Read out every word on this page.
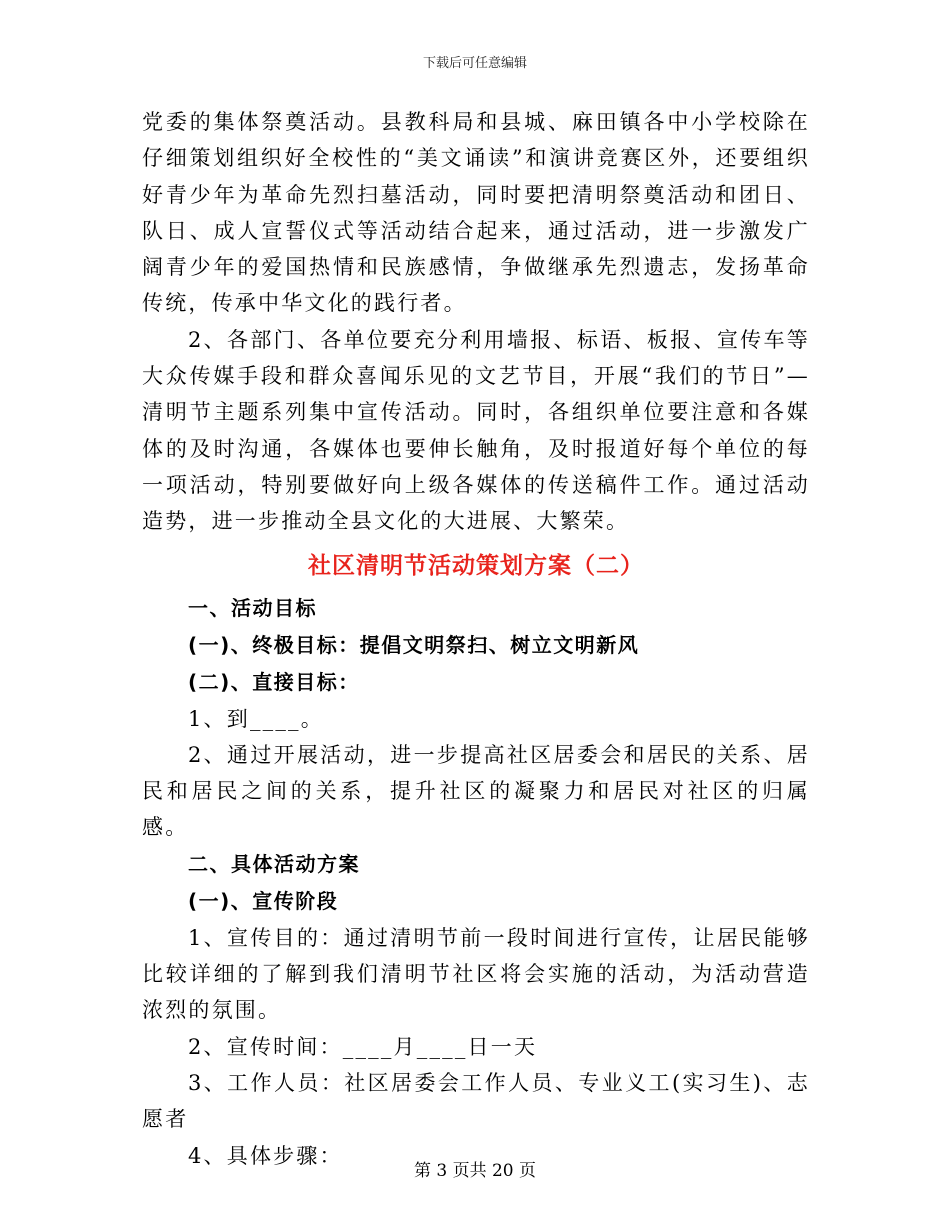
下载后可任意编辑

党委的集体祭奠活动。县教科局和县城、麻田镇各中小学校除在仔细策划组织好全校性的“美文诵读”和演讲竞赛区外，还要组织好青少年为革命先烈扫墓活动，同时要把清明祭奠活动和团日、队日、成人宣誓仪式等活动结合起来，通过活动，进一步激发广阔青少年的爱国热情和民族感情，争做继承先烈遗志，发扬革命传统，传承中华文化的践行者。

2、各部门、各单位要充分利用墙报、标语、板报、宣传车等大众传媒手段和群众喜闻乐见的文艺节目，开展“我们的节日”—清明节主题系列集中宣传活动。同时，各组织单位要注意和各媒体的及时沟通，各媒体也要伸长触角，及时报道好每个单位的每一项活动，特别要做好向上级各媒体的传送稿件工作。通过活动造势，进一步推动全县文化的大进展、大繁荣。

社区清明节活动策划方案（二）

一、活动目标

(一)、终极目标：提倡文明祭扫、树立文明新风

(二)、直接目标：

1、到____。

2、通过开展活动，进一步提高社区居委会和居民的关系、居民和居民之间的关系，提升社区的凝聚力和居民对社区的归属感。

二、具体活动方案

(一)、宣传阶段

1、宣传目的：通过清明节前一段时间进行宣传，让居民能够比较详细的了解到我们清明节社区将会实施的活动，为活动营造浓烈的氛围。

2、宣传时间：____月____日一天

3、工作人员：社区居委会工作人员、专业义工(实习生)、志愿者

4、具体步骤：

第 3 页共 20 页
